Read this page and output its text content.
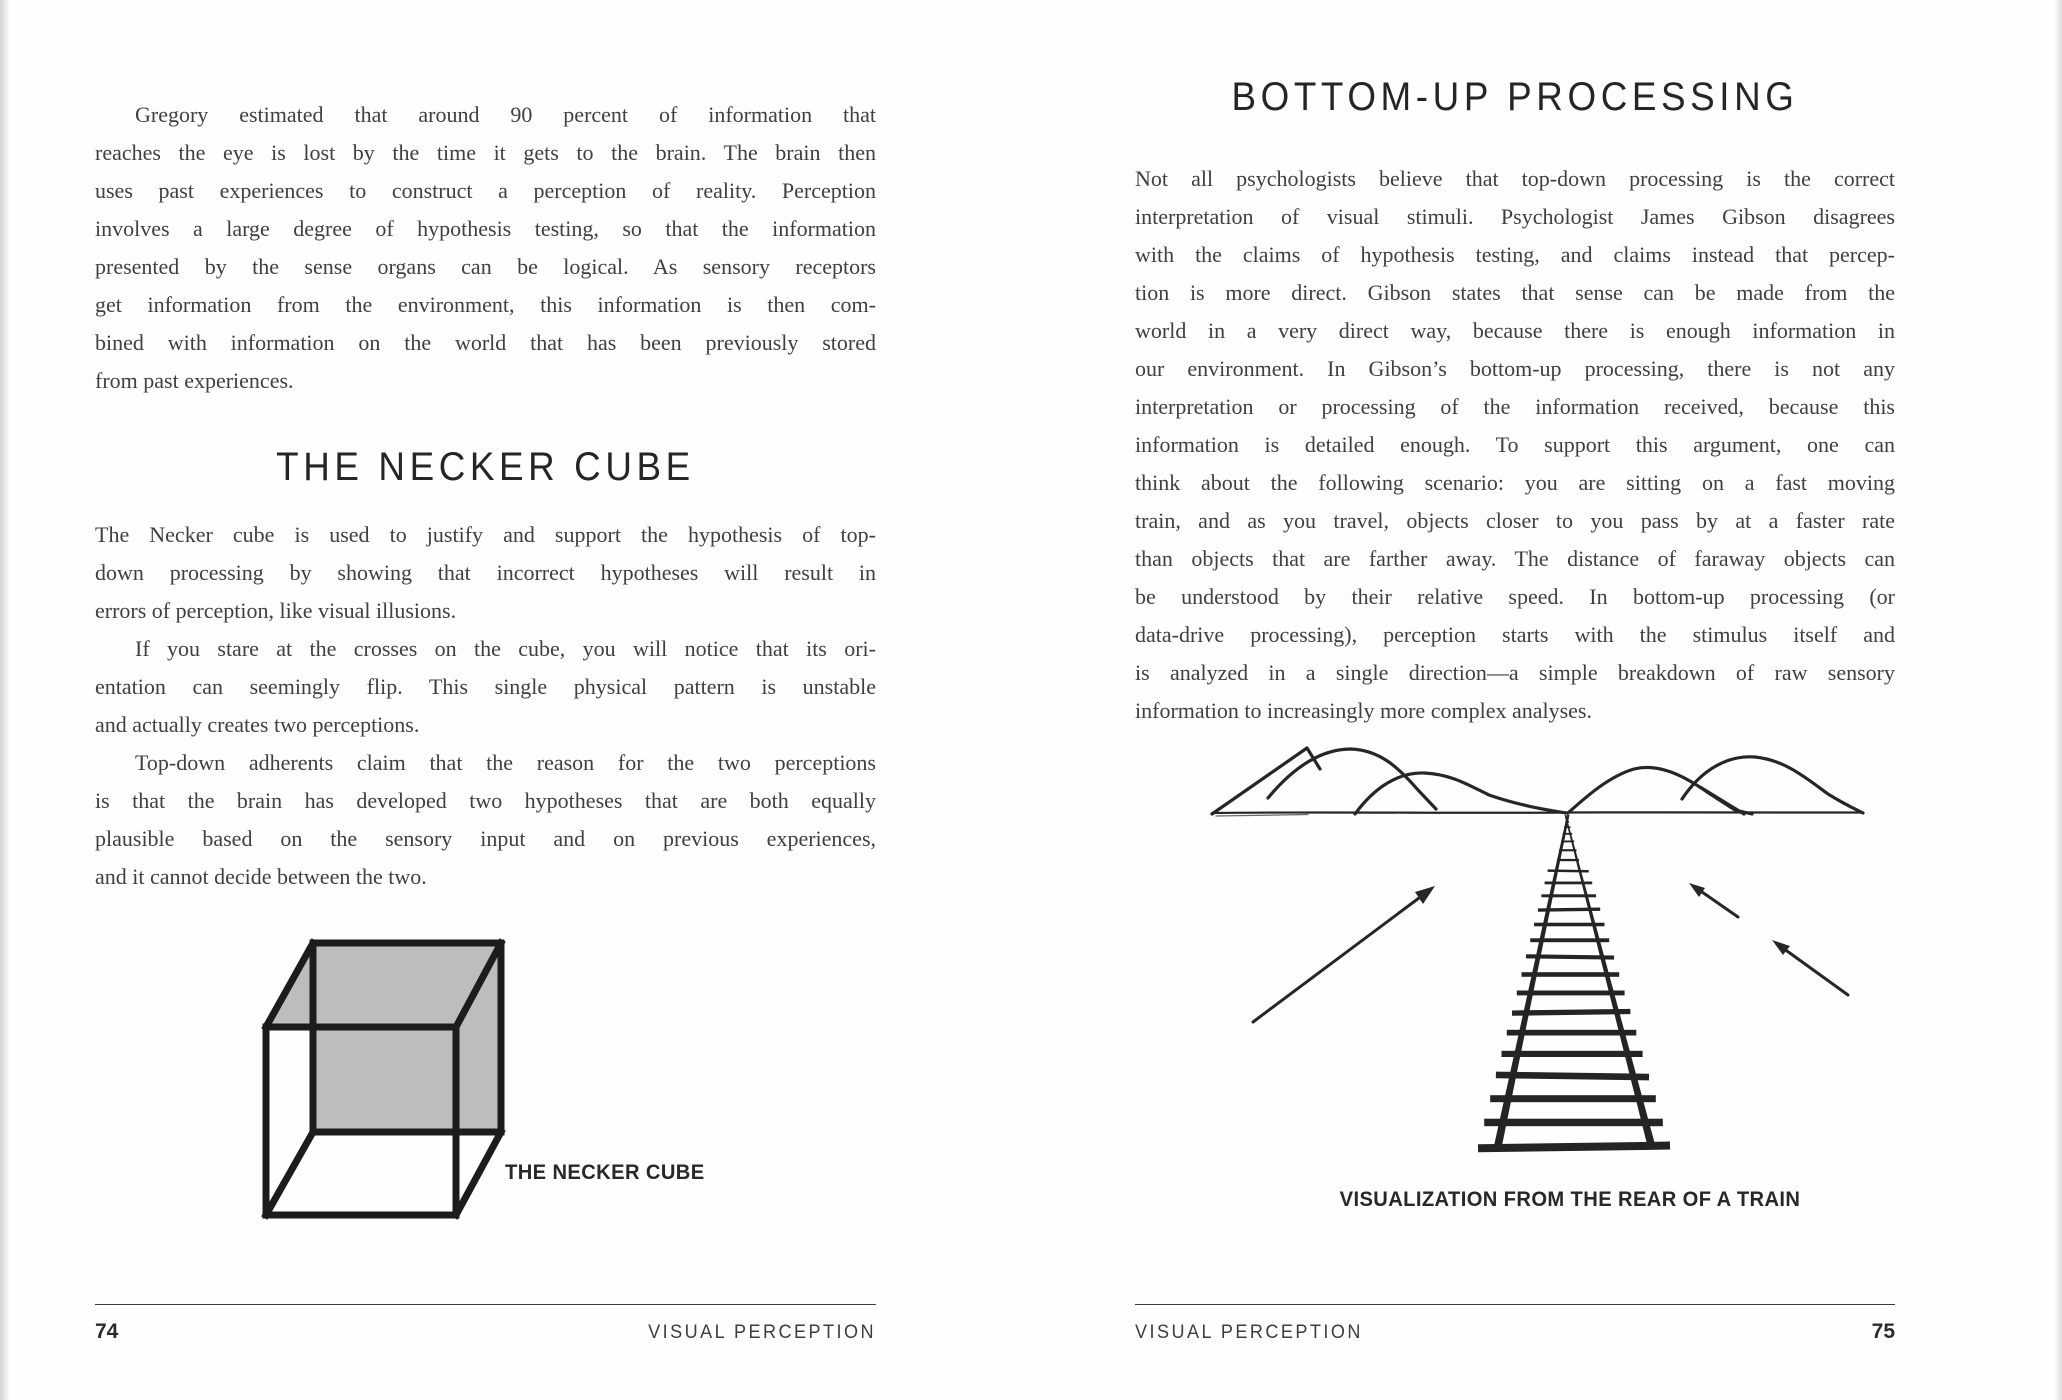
Gregory estimated that around 90 percent of information that
reaches the eye is lost by the time it gets to the brain. The brain then
uses past experiences to construct a perception of reality. Perception
involves a large degree of hypothesis testing, so that the information
presented by the sense organs can be logical. As sensory receptors
get information from the environment, this information is then com-
bined with information on the world that has been previously stored
from past experiences.
THE NECKER CUBE
The Necker cube is used to justify and support the hypothesis of top-
down processing by showing that incorrect hypotheses will result in
errors of perception, like visual illusions.
If you stare at the crosses on the cube, you will notice that its ori-
entation can seemingly flip. This single physical pattern is unstable
and actually creates two perceptions.
Top-down adherents claim that the reason for the two perceptions
is that the brain has developed two hypotheses that are both equally
plausible based on the sensory input and on previous experiences,
and it cannot decide between the two.
THE NECKER CUBE
74	VISUAL PERCEPTION
BOTTOM-UP PROCESSING
Not all psychologists believe that top-down processing is the correct
interpretation of visual stimuli. Psychologist James Gibson disagrees
with the claims of hypothesis testing, and claims instead that percep-
tion is more direct. Gibson states that sense can be made from the
world in a very direct way, because there is enough information in
our environment. In Gibson’s bottom-up processing, there is not any
interpretation or processing of the information received, because this
information is detailed enough. To support this argument, one can
think about the following scenario: you are sitting on a fast moving
train, and as you travel, objects closer to you pass by at a faster rate
than objects that are farther away. The distance of faraway objects can
be understood by their relative speed. In bottom-up processing (or
data-drive processing), perception starts with the stimulus itself and
is analyzed in a single direction—a simple breakdown of raw sensory
information to increasingly more complex analyses.
VISUALIZATION FROM THE REAR OF A TRAIN
VISUAL PERCEPTION	75
